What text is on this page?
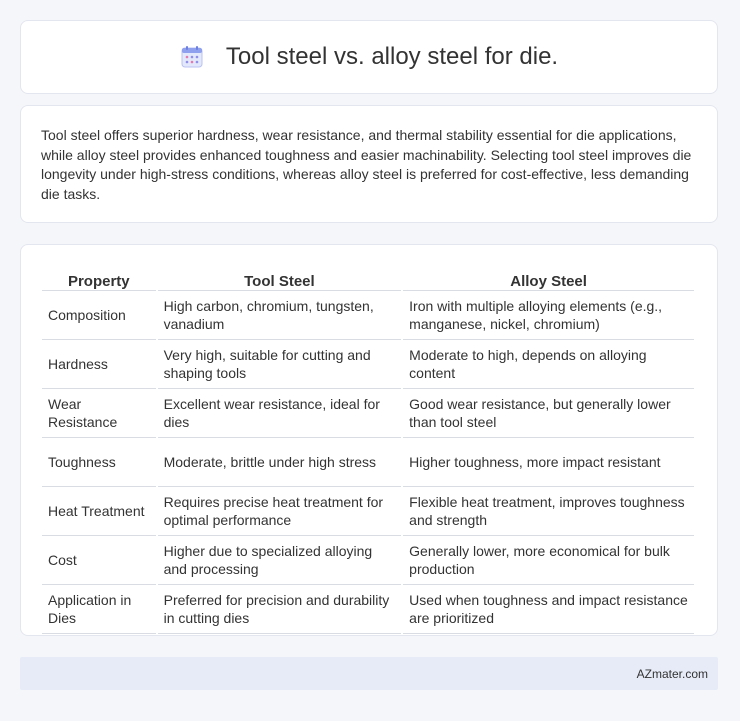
Tool steel vs. alloy steel for die.

Tool steel offers superior hardness, wear resistance, and thermal stability essential for die applications, while alloy steel provides enhanced toughness and easier machinability. Selecting tool steel improves die longevity under high-stress conditions, whereas alloy steel is preferred for cost-effective, less demanding die tasks.

Property	Tool Steel	Alloy Steel
Composition	High carbon, chromium, tungsten, vanadium	Iron with multiple alloying elements (e.g., manganese, nickel, chromium)
Hardness	Very high, suitable for cutting and shaping tools	Moderate to high, depends on alloying content
Wear Resistance	Excellent wear resistance, ideal for dies	Good wear resistance, but generally lower than tool steel
Toughness	Moderate, brittle under high stress	Higher toughness, more impact resistant
Heat Treatment	Requires precise heat treatment for optimal performance	Flexible heat treatment, improves toughness and strength
Cost	Higher due to specialized alloying and processing	Generally lower, more economical for bulk production
Application in Dies	Preferred for precision and durability in cutting dies	Used when toughness and impact resistance are prioritized
AZmater.com
